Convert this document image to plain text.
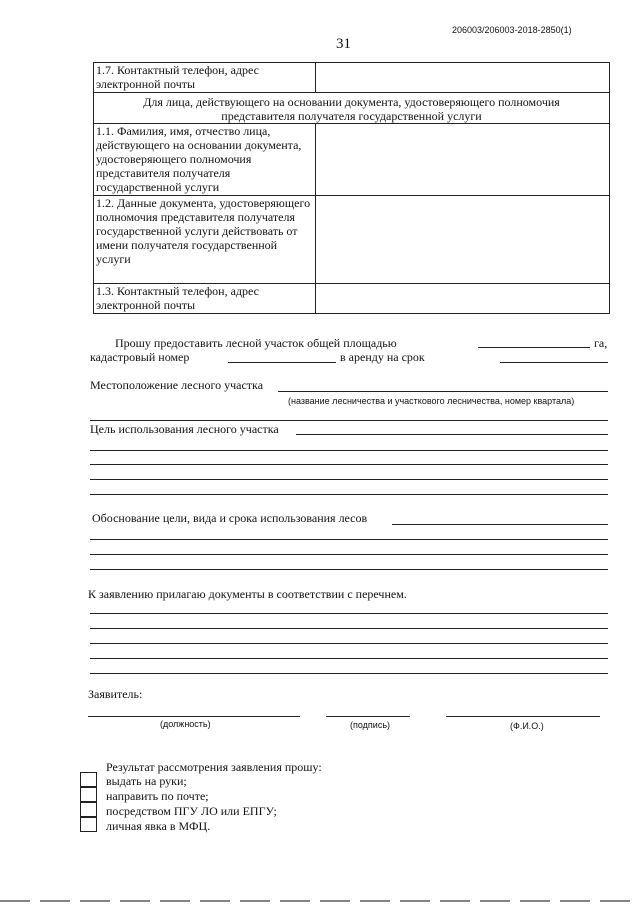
206003/206003-2018-2850(1)
31
1.7. Контактный телефон, адрес электронной почты	
Для лица, действующего на основании документа, удостоверяющего полномочия представителя получателя государственной услуги	
1.1. Фамилия, имя, отчество лица, действующего на основании документа, удостоверяющего полномочия представителя получателя государственной услуги	
1.2. Данные документа, удостоверяющего полномочия представителя получателя государственной услуги действовать от имени получателя государственной услуги	
1.3. Контактный телефон, адрес электронной почты	
Прошу предоставить лесной участок общей площадью	га,
кадастровый номер	в аренду на срок
Местоположение лесного участка
(название лесничества и участкового лесничества, номер квартала)
Цель использования лесного участка
Обоснование цели, вида и срока использования лесов
К заявлению прилагаю документы в соответствии с перечнем.
Заявитель:
(должность)	(подпись)	(Ф.И.О.)
Результат рассмотрения заявления прошу:
выдать на руки;
направить по почте;
посредством ПГУ ЛО или ЕПГУ;
личная явка в МФЦ.
